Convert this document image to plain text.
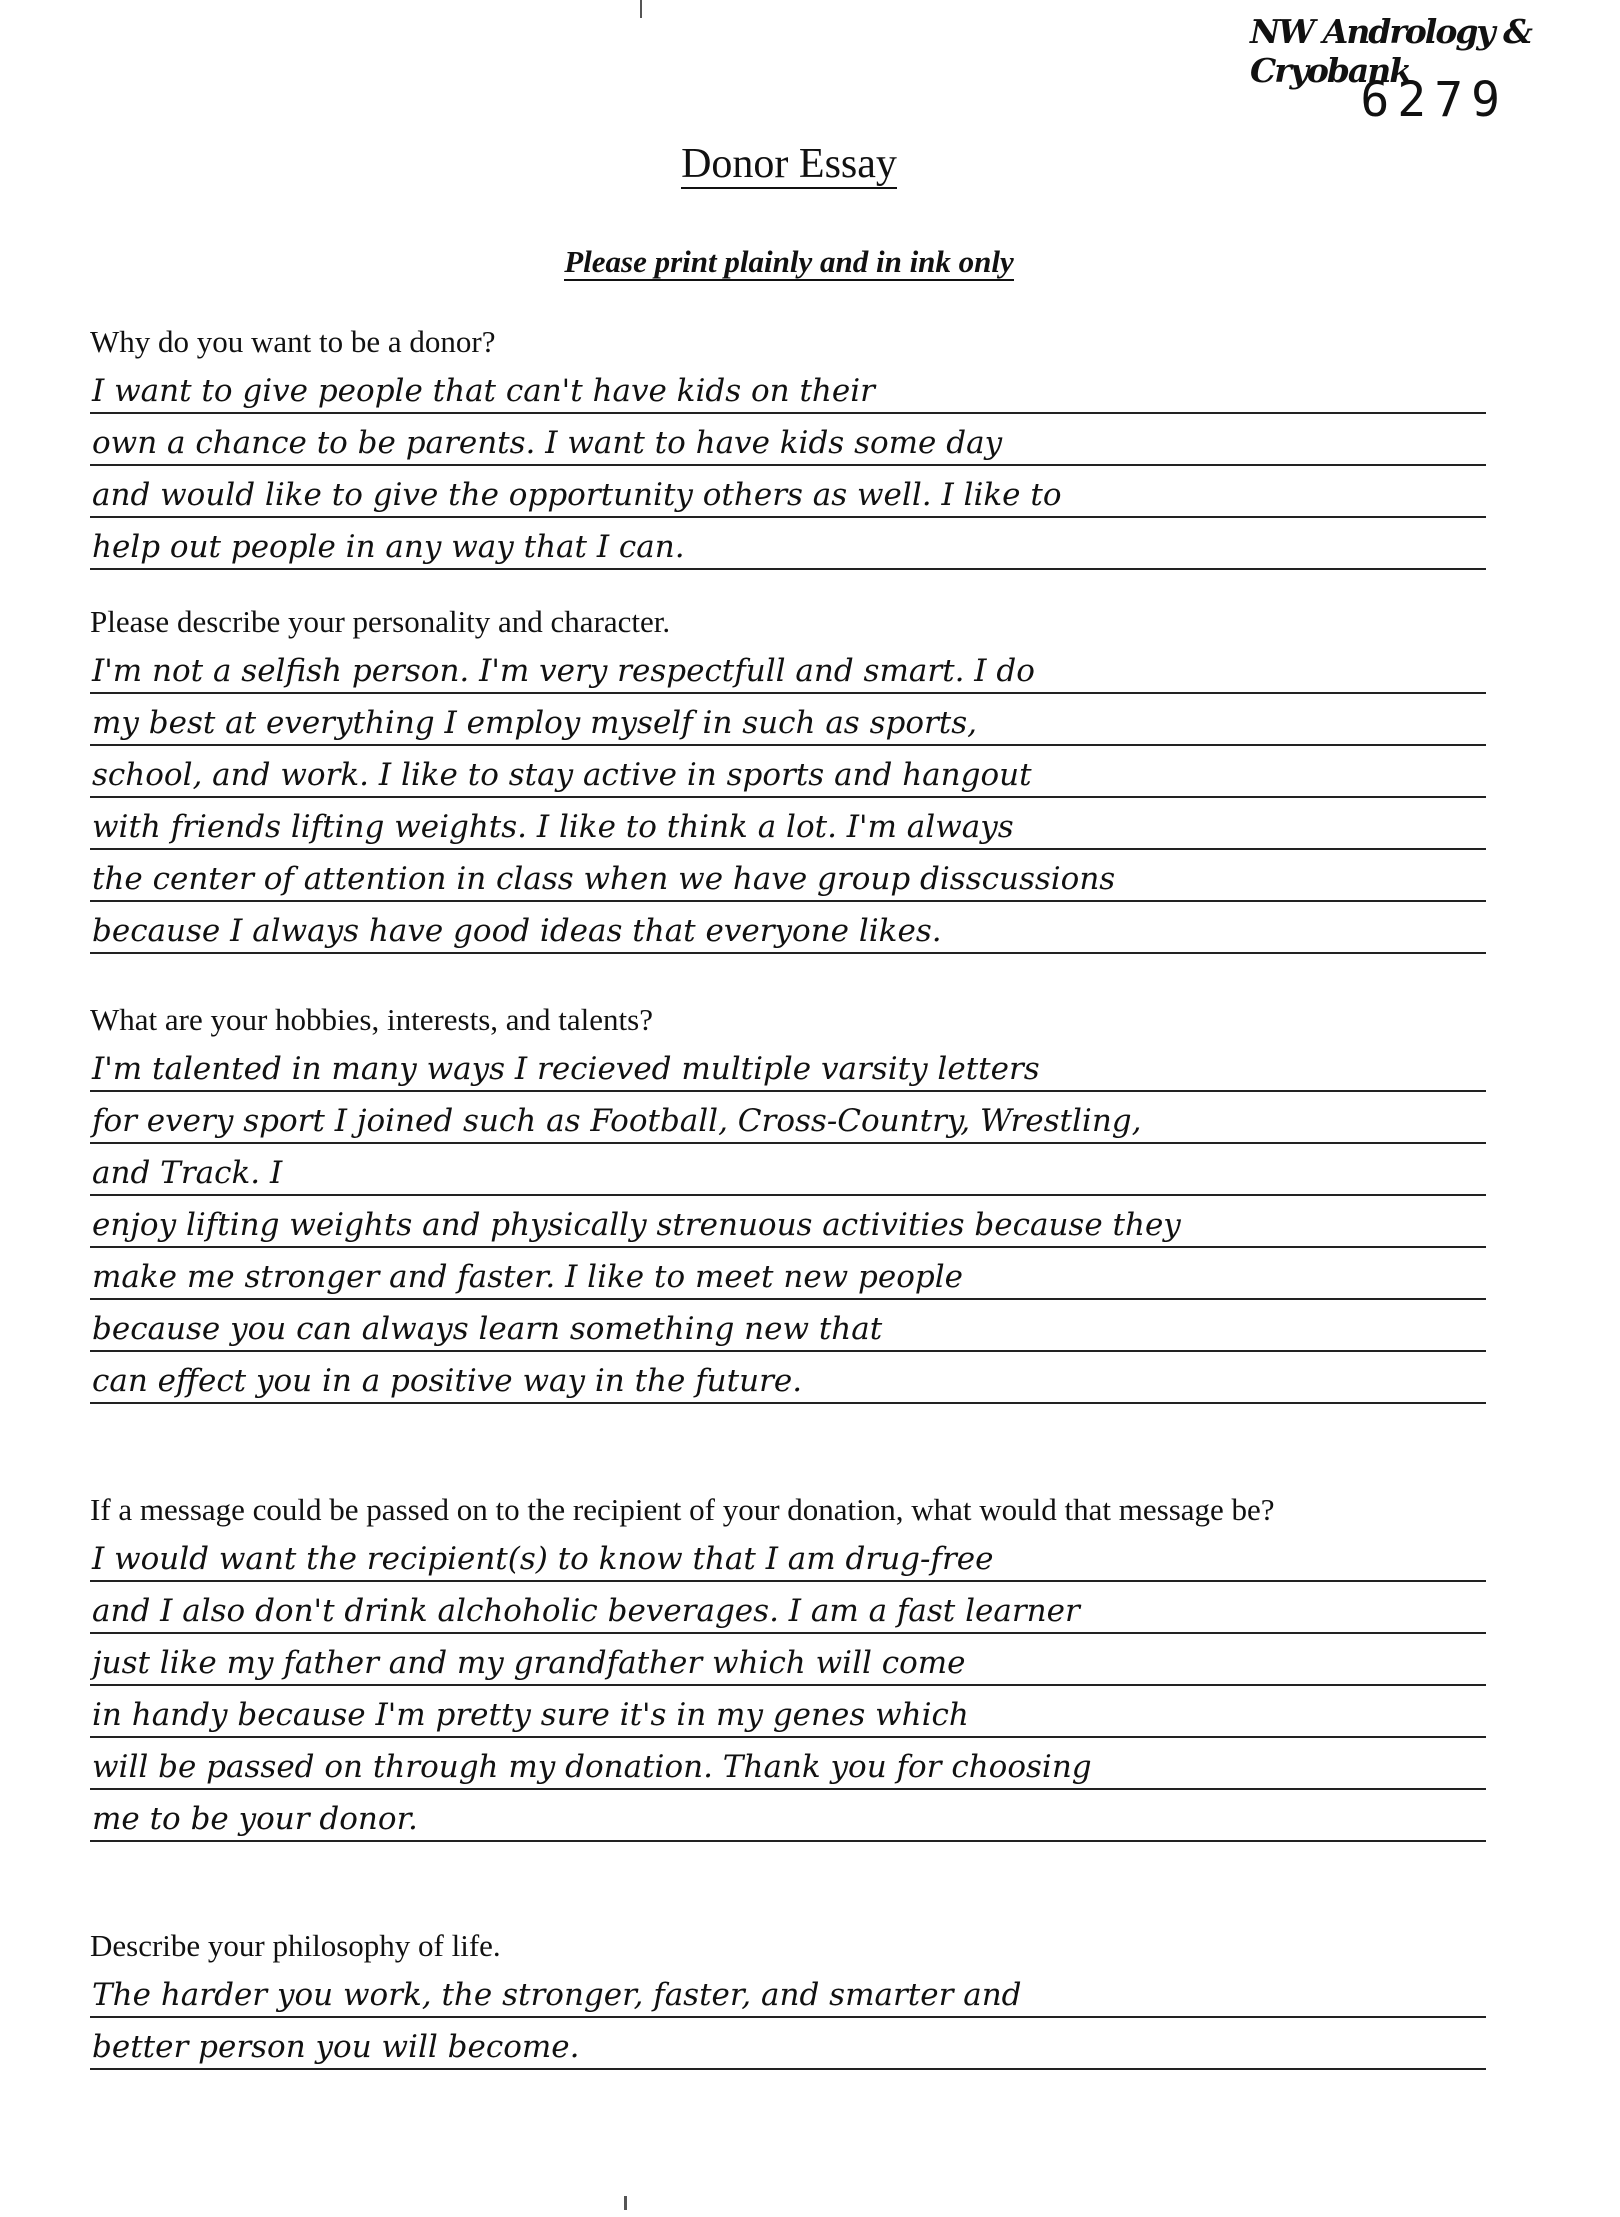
NW Andrology & Cryobank
6279
Donor Essay
Please print plainly and in ink only
Why do you want to be a donor?
I want to give people that can't have kids on their
own a chance to be parents. I want to have kids some day
and would like to give the opportunity others as well. I like to
help out people in any way that I can.
Please describe your personality and character.
I'm not a selfish person. I'm very respectfull and smart. I do
my best at everything I employ myself in such as sports,
school, and work. I like to stay active in sports and hangout
with friends lifting weights. I like to think a lot. I'm always
the center of attention in class when we have group disscussions
because I always have good ideas that everyone likes.
What are your hobbies, interests, and talents?
I'm talented in many ways I recieved multiple varsity letters
for every sport I joined such as Football, Cross-Country, Wrestling,
and Track. I
enjoy lifting weights and physically strenuous activities because they
make me stronger and faster. I like to meet new people
because you can always learn something new that
can effect you in a positive way in the future.
If a message could be passed on to the recipient of your donation, what would that message be?
I would want the recipient(s) to know that I am drug-free
and I also don't drink alchoholic beverages. I am a fast learner
just like my father and my grandfather which will come
in handy because I'm pretty sure it's in my genes which
will be passed on through my donation. Thank you for choosing
me to be your donor.
Describe your philosophy of life.
The harder you work, the stronger, faster, and smarter and
better person you will become.
